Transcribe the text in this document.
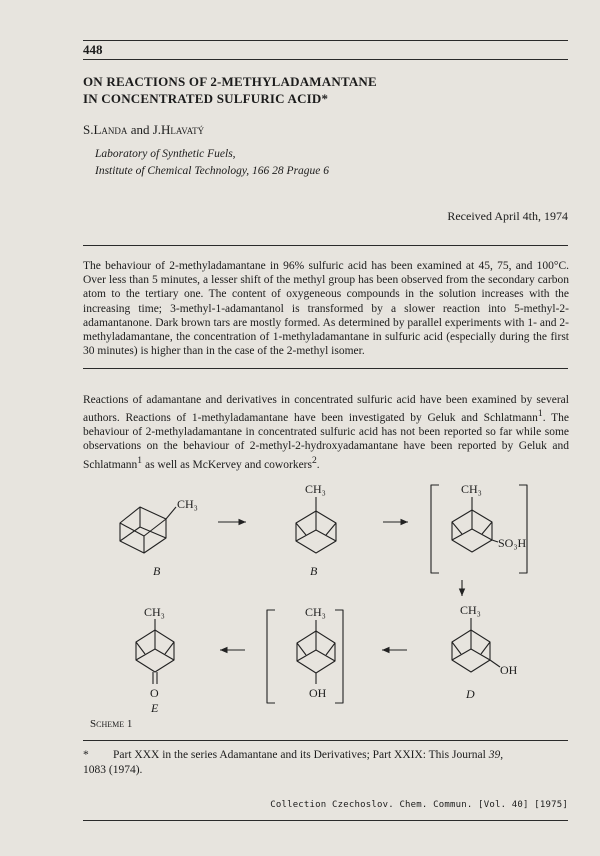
448
ON REACTIONS OF 2-METHYLADAMANTANE
IN CONCENTRATED SULFURIC ACID*
S.Landa and J.Hlavatý
Laboratory of Synthetic Fuels,
Institute of Chemical Technology, 166 28 Prague 6
Received April 4th, 1974
The behaviour of 2-methyladamantane in 96% sulfuric acid has been examined at 45, 75, and 100°C. Over less than 5 minutes, a lesser shift of the methyl group has been observed from the secondary carbon atom to the tertiary one. The content of oxygeneous compounds in the solution increases with the increasing time; 3-methyl-1-adamantanol is transformed by a slower reaction into 5-methyl-2-adamantanone. Dark brown tars are mostly formed. As determined by parallel experiments with 1- and 2-methyladamantane, the concentration of 1-methyladamantane in sulfuric acid (especially during the first 30 minutes) is higher than in the case of the 2-methyl isomer.
Reactions of adamantane and derivatives in concentrated sulfuric acid have been examined by several authors. Reactions of 1-methyladamantane have been investigated by Geluk and Schlatmann$^1$. The behaviour of 2-methyladamantane in concentrated sulfuric acid has not been reported so far while some observations on the behaviour of 2-methyl-2-hydroxyadamantane have been reported by Geluk and Schlatmann$^1$ as well as McKervey and coworkers$^2$.
CH₃
B
CH₃
B
CH₃
SO₃H
CH₃
OH
D
CH₃
OH
CH₃
O
E
Scheme 1
* Part XXX in the series Adamantane and its Derivatives; Part XXIX: This Journal 39,
1083 (1974).
Collection Czechoslov. Chem. Commun. [Vol. 40] [1975]
